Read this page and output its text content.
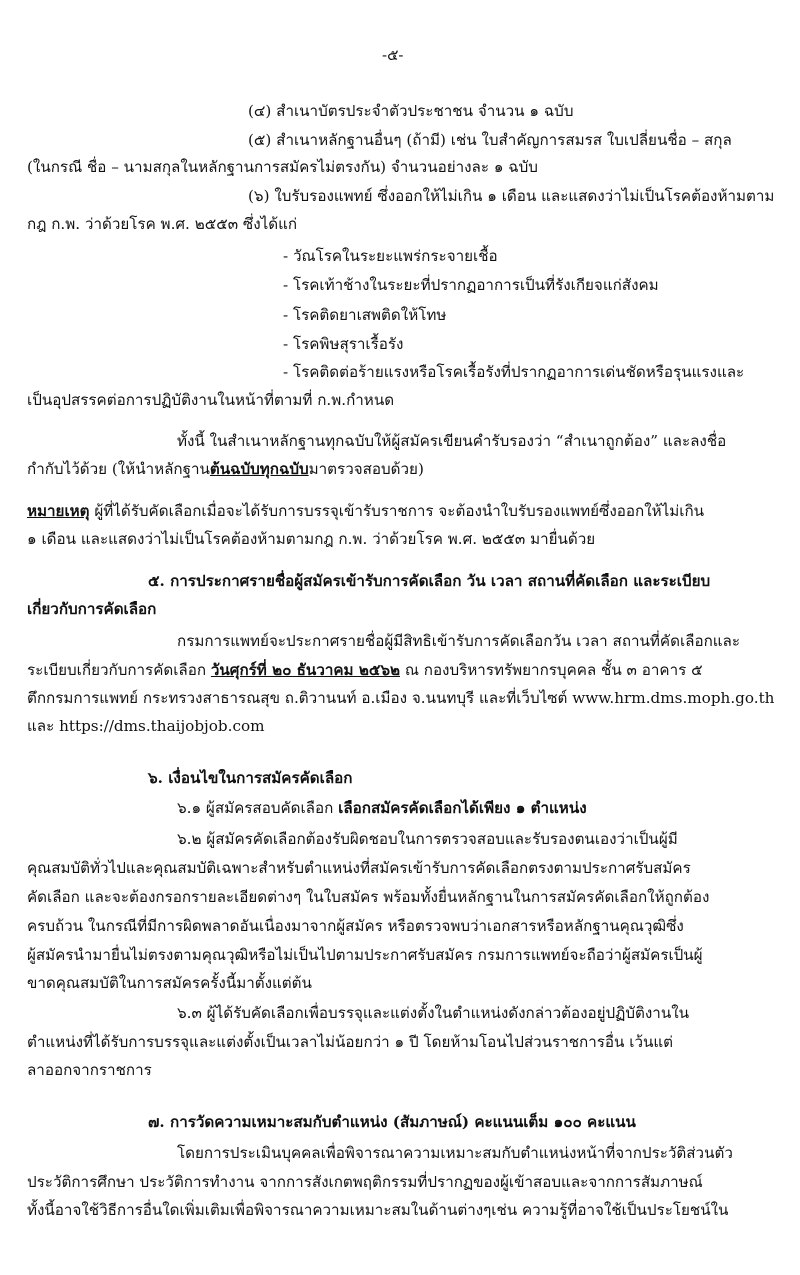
-๕-
(๔) สำเนาบัตรประจำตัวประชาชน จำนวน ๑ ฉบับ
(๕) สำเนาหลักฐานอื่นๆ (ถ้ามี) เช่น ใบสำคัญการสมรส ใบเปลี่ยนชื่อ – สกุล
(ในกรณี ชื่อ – นามสกุลในหลักฐานการสมัครไม่ตรงกัน) จำนวนอย่างละ ๑ ฉบับ
(๖) ใบรับรองแพทย์ ซึ่งออกให้ไม่เกิน ๑ เดือน และแสดงว่าไม่เป็นโรคต้องห้ามตาม
กฎ ก.พ. ว่าด้วยโรค พ.ศ. ๒๕๕๓ ซึ่งได้แก่
- วัณโรคในระยะแพร่กระจายเชื้อ
- โรคเท้าช้างในระยะที่ปรากฏอาการเป็นที่รังเกียจแก่สังคม
- โรคติดยาเสพติดให้โทษ
- โรคพิษสุราเรื้อรัง
- โรคติดต่อร้ายแรงหรือโรคเรื้อรังที่ปรากฏอาการเด่นชัดหรือรุนแรงและ
เป็นอุปสรรคต่อการปฏิบัติงานในหน้าที่ตามที่ ก.พ.กำหนด
ทั้งนี้ ในสำเนาหลักฐานทุกฉบับให้ผู้สมัครเขียนคำรับรองว่า “สำเนาถูกต้อง” และลงชื่อ
กำกับไว้ด้วย (ให้นำหลักฐานต้นฉบับทุกฉบับมาตรวจสอบด้วย)
หมายเหตุ ผู้ที่ได้รับคัดเลือกเมื่อจะได้รับการบรรจุเข้ารับราชการ จะต้องนำใบรับรองแพทย์ซึ่งออกให้ไม่เกิน
๑ เดือน และแสดงว่าไม่เป็นโรคต้องห้ามตามกฎ ก.พ. ว่าด้วยโรค พ.ศ. ๒๕๕๓ มายื่นด้วย
๕. การประกาศรายชื่อผู้สมัครเข้ารับการคัดเลือก วัน เวลา สถานที่คัดเลือก และระเบียบ
เกี่ยวกับการคัดเลือก
กรมการแพทย์จะประกาศรายชื่อผู้มีสิทธิเข้ารับการคัดเลือกวัน เวลา สถานที่คัดเลือกและ
ระเบียบเกี่ยวกับการคัดเลือก วันศุกร์ที่ ๒๐ ธันวาคม ๒๕๖๒ ณ กองบริหารทรัพยากรบุคคล ชั้น ๓ อาคาร ๕
ตึกกรมการแพทย์ กระทรวงสาธารณสุข ถ.ติวานนท์ อ.เมือง จ.นนทบุรี และที่เว็บไซต์ www.hrm.dms.moph.go.th
และ https://dms.thaijobjob.com
๖. เงื่อนไขในการสมัครคัดเลือก
๖.๑ ผู้สมัครสอบคัดเลือก เลือกสมัครคัดเลือกได้เพียง ๑ ตำแหน่ง
๖.๒ ผู้สมัครคัดเลือกต้องรับผิดชอบในการตรวจสอบและรับรองตนเองว่าเป็นผู้มี
คุณสมบัติทั่วไปและคุณสมบัติเฉพาะสำหรับตำแหน่งที่สมัครเข้ารับการคัดเลือกตรงตามประกาศรับสมัคร
คัดเลือก และจะต้องกรอกรายละเอียดต่างๆ ในใบสมัคร พร้อมทั้งยื่นหลักฐานในการสมัครคัดเลือกให้ถูกต้อง
ครบถ้วน ในกรณีที่มีการผิดพลาดอันเนื่องมาจากผู้สมัคร หรือตรวจพบว่าเอกสารหรือหลักฐานคุณวุฒิซึ่ง
ผู้สมัครนำมายื่นไม่ตรงตามคุณวุฒิหรือไม่เป็นไปตามประกาศรับสมัคร กรมการแพทย์จะถือว่าผู้สมัครเป็นผู้
ขาดคุณสมบัติในการสมัครครั้งนี้มาตั้งแต่ต้น
๖.๓ ผู้ได้รับคัดเลือกเพื่อบรรจุและแต่งตั้งในตำแหน่งดังกล่าวต้องอยู่ปฏิบัติงานใน
ตำแหน่งที่ได้รับการบรรจุและแต่งตั้งเป็นเวลาไม่น้อยกว่า ๑ ปี โดยห้ามโอนไปส่วนราชการอื่น เว้นแต่
ลาออกจากราชการ
๗. การวัดความเหมาะสมกับตำแหน่ง (สัมภาษณ์) คะแนนเต็ม ๑๐๐ คะแนน
โดยการประเมินบุคคลเพื่อพิจารณาความเหมาะสมกับตำแหน่งหน้าที่จากประวัติส่วนตัว
ประวัติการศึกษา ประวัติการทำงาน จากการสังเกตพฤติกรรมที่ปรากฏของผู้เข้าสอบและจากการสัมภาษณ์
ทั้งนี้อาจใช้วิธีการอื่นใดเพิ่มเติมเพื่อพิจารณาความเหมาะสมในด้านต่างๆเช่น ความรู้ที่อาจใช้เป็นประโยชน์ใน
